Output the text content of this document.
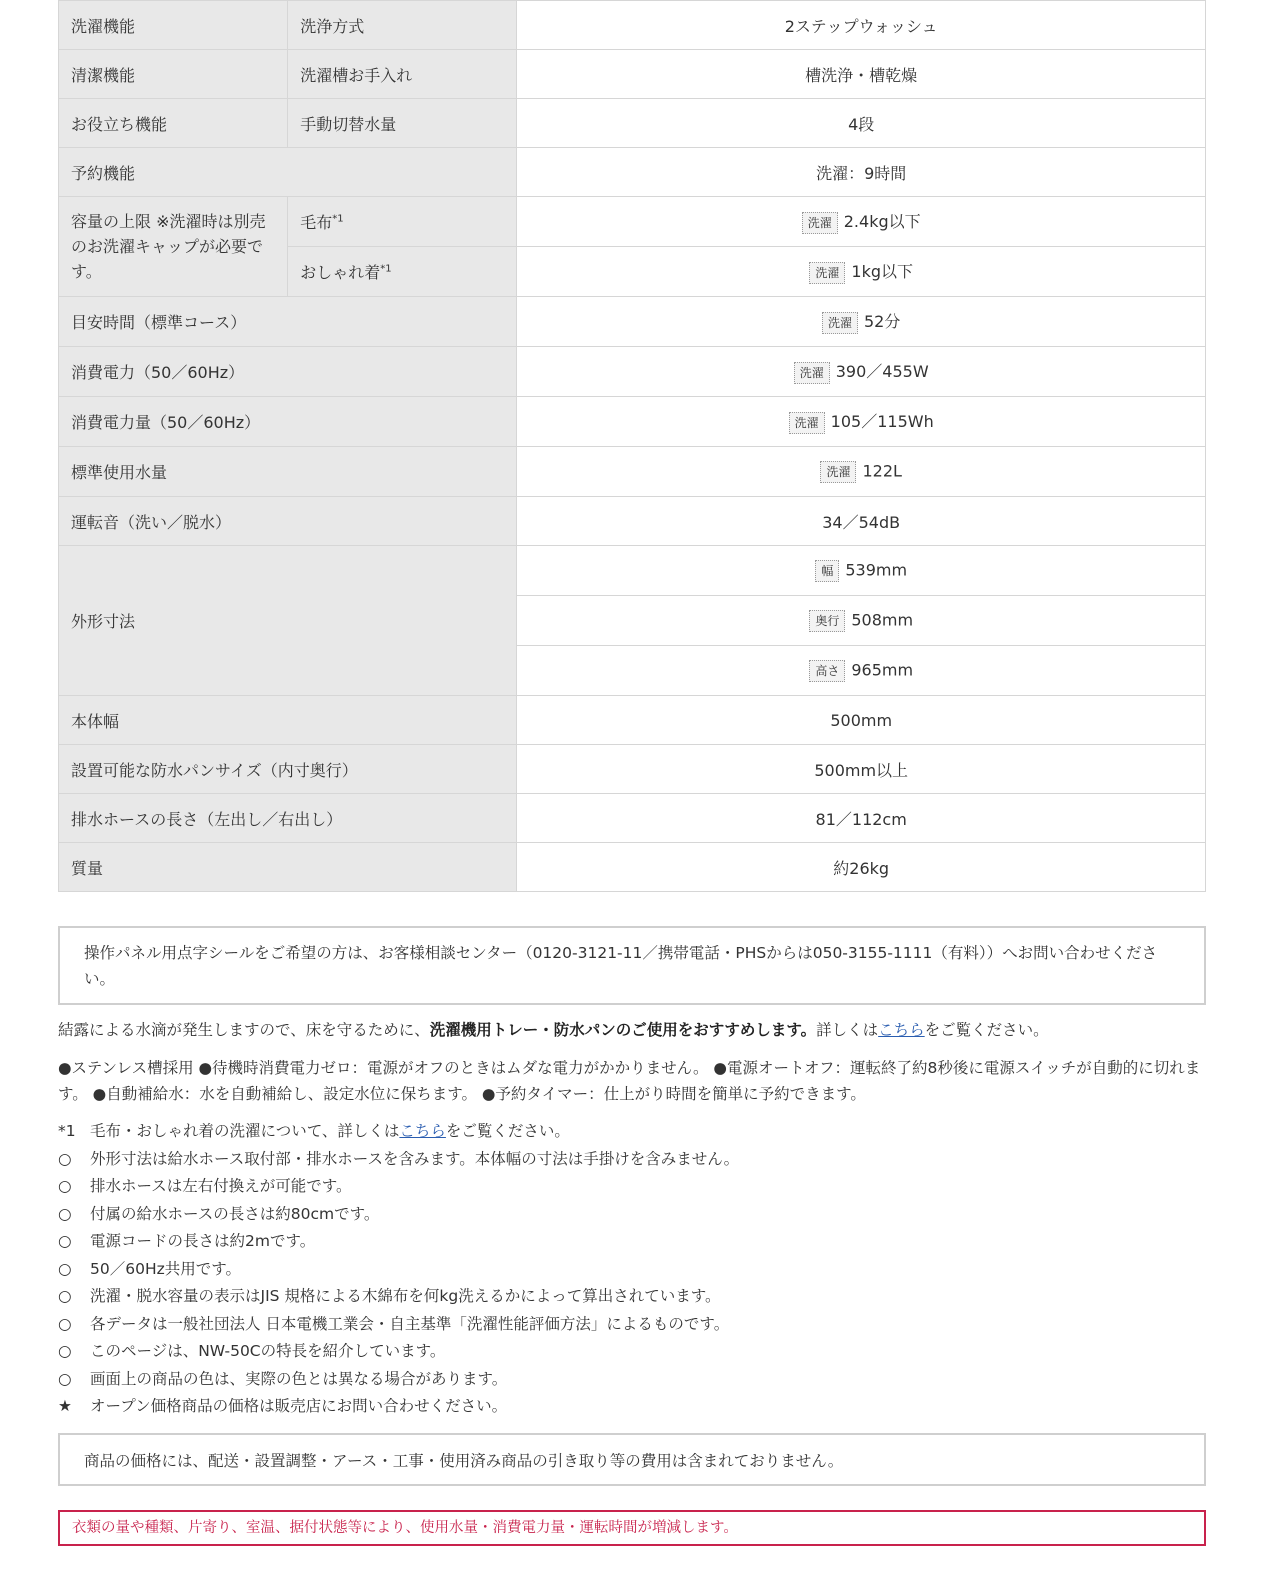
洗濯機能	洗浄方式	2ステップウォッシュ
清潔機能	洗濯槽お手入れ	槽洗浄・槽乾燥
お役立ち機能	手動切替水量	4段
予約機能		洗濯：9時間
容量の上限 ※洗濯時は別売のお洗濯キャップが必要です。	毛布$^{*1}$	洗濯 2.4kg以下
	おしゃれ着$^{*1}$	洗濯 1kg以下
目安時間（標準コース）		洗濯 52分
消費電力（50／60Hz）		洗濯 390／455W
消費電力量（50／60Hz）		洗濯 105／115Wh
標準使用水量		洗濯 122L
運転音（洗い／脱水）		34／54dB
外形寸法		幅 539mm
		奥行 508mm
		高さ 965mm
本体幅		500mm
設置可能な防水パンサイズ（内寸奥行）		500mm以上
排水ホースの長さ（左出し／右出し）		81／112cm
質量		約26kg
操作パネル用点字シールをご希望の方は、お客様相談センター（0120-3121-11／携帯電話・PHSからは050-3155-1111（有料））へお問い合わせください。
結露による水滴が発生しますので、床を守るために、洗濯機用トレー・防水パンのご使用をおすすめします。詳しくはこちらをご覧ください。
●ステンレス槽採用 ●待機時消費電力ゼロ：電源がオフのときはムダな電力がかかりません。 ●電源オートオフ：運転終了約8秒後に電源スイッチが自動的に切れます。 ●自動補給水：水を自動補給し、設定水位に保ちます。 ●予約タイマー：仕上がり時間を簡単に予約できます。
*1 毛布・おしゃれ着の洗濯について、詳しくはこちらをご覧ください。
○ 外形寸法は給水ホース取付部・排水ホースを含みます。本体幅の寸法は手掛けを含みません。
○ 排水ホースは左右付換えが可能です。
○ 付属の給水ホースの長さは約80cmです。
○ 電源コードの長さは約2mです。
○ 50／60Hz共用です。
○ 洗濯・脱水容量の表示はJIS 規格による木綿布を何kg洗えるかによって算出されています。
○ 各データは一般社団法人 日本電機工業会・自主基準「洗濯性能評価方法」によるものです。
○ このページは、NW-50Cの特長を紹介しています。
○ 画面上の商品の色は、実際の色とは異なる場合があります。
★ オープン価格商品の価格は販売店にお問い合わせください。
商品の価格には、配送・設置調整・アース・工事・使用済み商品の引き取り等の費用は含まれておりません。
衣類の量や種類、片寄り、室温、据付状態等により、使用水量・消費電力量・運転時間が増減します。
